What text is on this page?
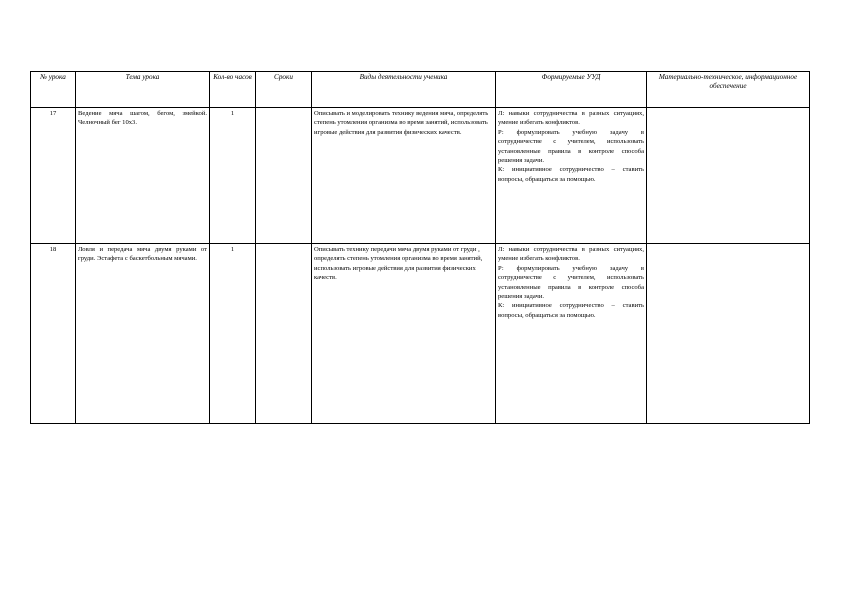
№ урока	Тема урока	Кол-во часов	Сроки	Виды деятельности ученика	Формируемые УУД	Материально-техническое, информационное обеспечение
17	Ведение мяча шагом, бегом, змейкой. Челночный бег 10х3.	1		Описывать и моделировать технику ведения мяча, определять степень утомления организма во время занятий, использовать игровые действия для развития физических качеств.	Л: навыки сотрудничества в разных ситуациях, умение избегать конфликтов.
Р: формулировать учебную задачу в сотрудничестве с учителем, использовать установленные правила в контроле способа решения задачи.
К: инициативное сотрудничество – ставить вопросы, обращаться за помощью.	

18	Ловля и передача мяча двумя руками от груди. Эстафета с баскетбольным мячами.	1		Описывать технику передачи мяча двумя руками от груди , определять степень утомления организма во время занятий, использовать игровые действия для развития физических качеств.	Л: навыки сотрудничества в разных ситуациях, умение избегать конфликтов.
Р: формулировать учебную задачу в сотрудничестве с учителем, использовать установленные правила в контроле способа решения задачи.
К: инициативное сотрудничество – ставить вопросы, обращаться за помощью.	
